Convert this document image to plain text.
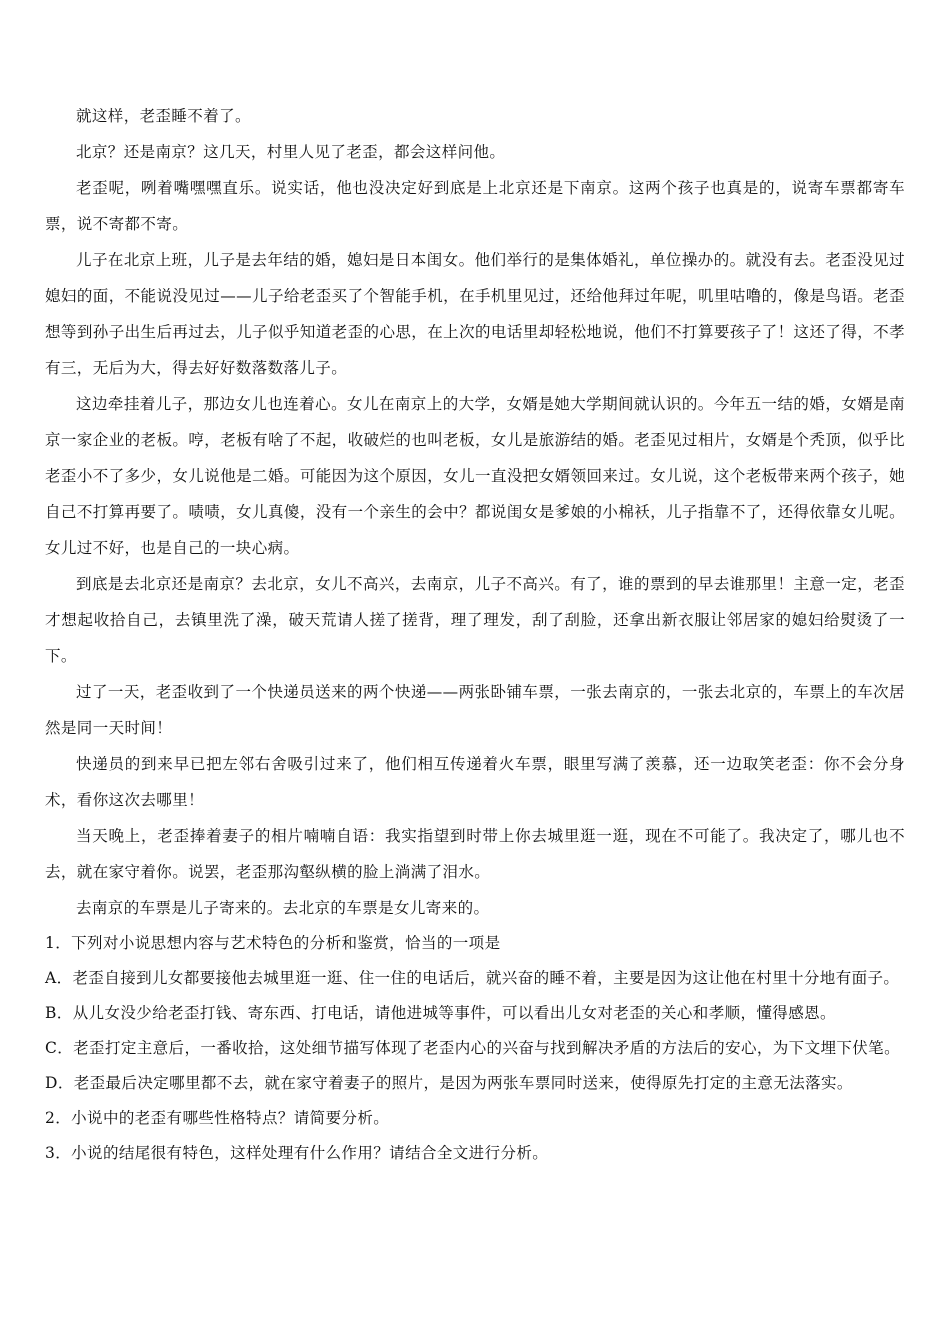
就这样，老歪睡不着了。

北京？还是南京？这几天，村里人见了老歪，都会这样问他。

老歪呢，咧着嘴嘿嘿直乐。说实话，他也没决定好到底是上北京还是下南京。这两个孩子也真是的，说寄车票都寄车票，说不寄都不寄。

儿子在北京上班，儿子是去年结的婚，媳妇是日本闺女。他们举行的是集体婚礼，单位操办的。就没有去。老歪没见过媳妇的面，不能说没见过——儿子给老歪买了个智能手机，在手机里见过，还给他拜过年呢，叽里咕噜的，像是鸟语。老歪想等到孙子出生后再过去，儿子似乎知道老歪的心思，在上次的电话里却轻松地说，他们不打算要孩子了！这还了得，不孝有三，无后为大，得去好好数落数落儿子。

这边牵挂着儿子，那边女儿也连着心。女儿在南京上的大学，女婿是她大学期间就认识的。今年五一结的婚，女婿是南京一家企业的老板。哼，老板有啥了不起，收破烂的也叫老板，女儿是旅游结的婚。老歪见过相片，女婿是个秃顶，似乎比老歪小不了多少，女儿说他是二婚。可能因为这个原因，女儿一直没把女婿领回来过。女儿说，这个老板带来两个孩子，她自己不打算再要了。啧啧，女儿真傻，没有一个亲生的会中？都说闺女是爹娘的小棉袄，儿子指靠不了，还得依靠女儿呢。女儿过不好，也是自己的一块心病。

到底是去北京还是南京？去北京，女儿不高兴，去南京，儿子不高兴。有了，谁的票到的早去谁那里！主意一定，老歪才想起收拾自己，去镇里洗了澡，破天荒请人搓了搓背，理了理发，刮了刮脸，还拿出新衣服让邻居家的媳妇给熨烫了一下。

过了一天，老歪收到了一个快递员送来的两个快递——两张卧铺车票，一张去南京的，一张去北京的，车票上的车次居然是同一天时间！

快递员的到来早已把左邻右舍吸引过来了，他们相互传递着火车票，眼里写满了羡慕，还一边取笑老歪：你不会分身术，看你这次去哪里！

当天晚上，老歪捧着妻子的相片喃喃自语：我实指望到时带上你去城里逛一逛，现在不可能了。我决定了，哪儿也不去，就在家守着你。说罢，老歪那沟壑纵横的脸上淌满了泪水。

去南京的车票是儿子寄来的。去北京的车票是女儿寄来的。

1．下列对小说思想内容与艺术特色的分析和鉴赏，恰当的一项是

A．老歪自接到儿女都要接他去城里逛一逛、住一住的电话后，就兴奋的睡不着，主要是因为这让他在村里十分地有面子。

B．从儿女没少给老歪打钱、寄东西、打电话，请他进城等事件，可以看出儿女对老歪的关心和孝顺，懂得感恩。

C．老歪打定主意后，一番收拾，这处细节描写体现了老歪内心的兴奋与找到解决矛盾的方法后的安心，为下文埋下伏笔。

D．老歪最后决定哪里都不去，就在家守着妻子的照片，是因为两张车票同时送来，使得原先打定的主意无法落实。

2．小说中的老歪有哪些性格特点？请简要分析。

3．小说的结尾很有特色，这样处理有什么作用？请结合全文进行分析。
